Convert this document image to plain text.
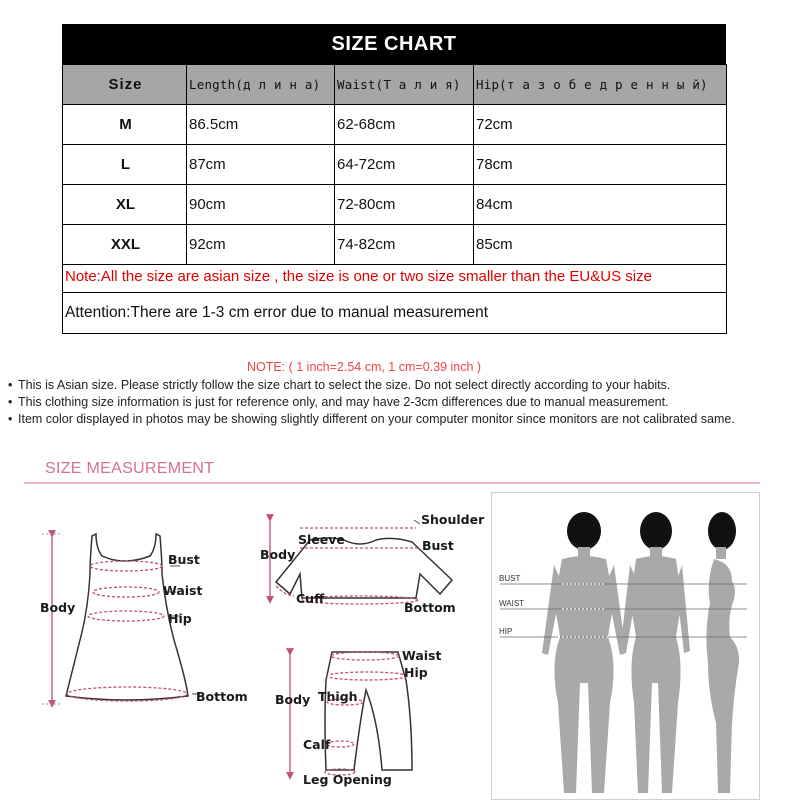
SIZE CHART
Size	Length(д л и н а)	Waist(Т а л и я)	Hip(т а з о б е д р е н н ы й)
M	86.5cm	62-68cm	72cm
L	87cm	64-72cm	78cm
XL	90cm	72-80cm	84cm
XXL	92cm	74-82cm	85cm
Note:All the size are asian size , the size is one or two size smaller than the EU&US size			
Attention:There are 1-3 cm error due to manual measurement			
NOTE: ( 1 inch=2.54 cm, 1 cm=0.39 inch )
• This is Asian size. Please strictly follow the size chart to select the size. Do not select directly according to your habits.
• This clothing size information is just for reference only, and may have 2-3cm differences due to manual measurement.
• Item color displayed in photos may be showing slightly different on your computer monitor since monitors are not calibrated same.
SIZE MEASUREMENT
Body
Bust
Waist
Hip
Bottom
Shoulder
Body
Sleeve	Bust
Cuff
Bottom
Waist
Hip
Body Thigh
Calf
Leg Opening
BUST
WAIST
HIP
